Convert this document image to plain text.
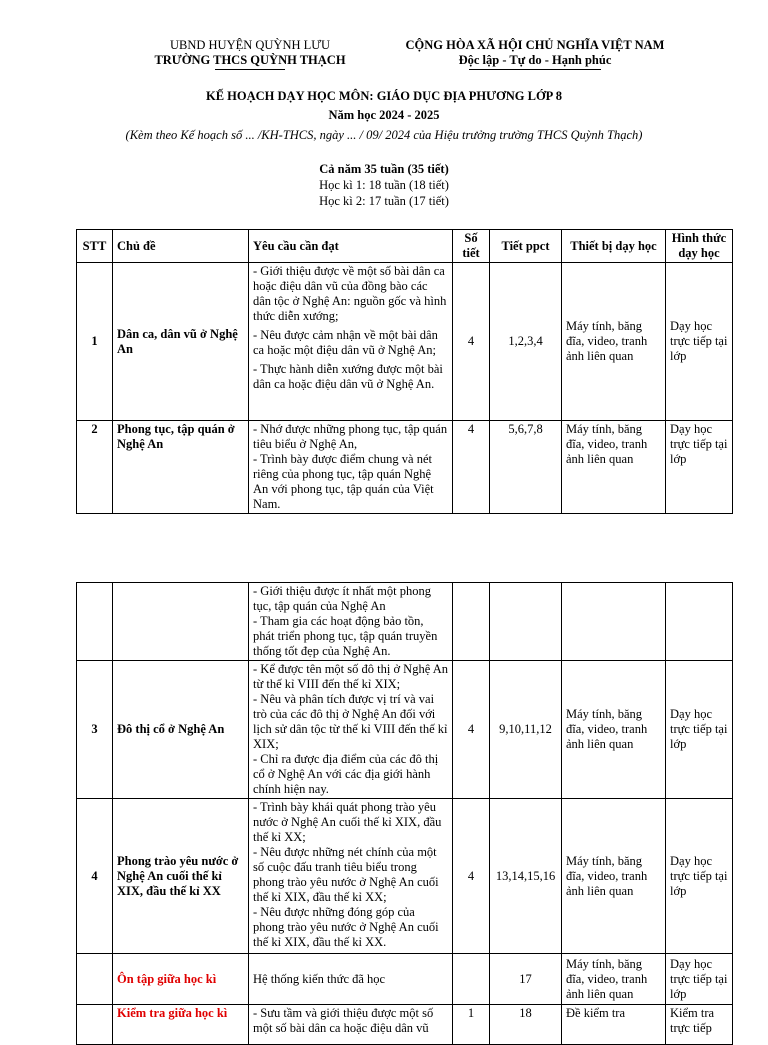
UBND HUYỆN QUỲNH LƯU
TRƯỜNG THCS QUỲNH THẠCH
CỘNG HÒA XÃ HỘI CHỦ NGHĨA VIỆT NAM
Độc lập - Tự do - Hạnh phúc
KẾ HOẠCH DẠY HỌC MÔN: GIÁO DỤC ĐỊA PHƯƠNG LỚP 8
Năm học 2024 - 2025
(Kèm theo Kế hoạch số ... /KH-THCS, ngày ... / 09/ 2024 của Hiệu trưởng trường THCS Quỳnh Thạch)
Cả năm 35 tuần (35 tiết)
Học kì 1: 18 tuần (18 tiết)
Học kì 2: 17 tuần (17 tiết)
STT	Chủ đề	Yêu cầu cần đạt	Số tiết	Tiết ppct	Thiết bị dạy học	Hình thức dạy học
1	Dân ca, dân vũ ở Nghệ An	- Giới thiệu được về một số bài dân ca hoặc điệu dân vũ của đồng bào các dân tộc ở Nghệ An: nguồn gốc và hình thức diễn xướng;

- Nêu được cảm nhận về một bài dân ca hoặc một điệu dân vũ ở Nghệ An;

- Thực hành diễn xướng được một bài dân ca hoặc điệu dân vũ ở Nghệ An.	4	1,2,3,4	Máy tính, băng đĩa, video, tranh ảnh liên quan	Dạy học trực tiếp tại lớp
2	Phong tục, tập quán ở Nghệ An	- Nhớ được những phong tục, tập quán tiêu biểu ở Nghệ An,
- Trình bày được điểm chung và nét riêng của phong tục, tập quán Nghệ An với phong tục, tập quán của Việt Nam.	4	5,6,7,8	Máy tính, băng đĩa, video, tranh ảnh liên quan	Dạy học trực tiếp tại lớp

		- Giới thiệu được ít nhất một phong tục, tập quán của Nghệ An
- Tham gia các hoạt động bảo tồn, phát triển phong tục, tập quán truyền thống tốt đẹp của Nghệ An.				

3	Đô thị cổ ở Nghệ An	- Kể được tên một số đô thị ở Nghệ An từ thế kỉ VIII đến thế kỉ XIX;
- Nêu và phân tích được vị trí và vai trò của các đô thị ở Nghệ An đối với lịch sử dân tộc từ thế kỉ VIII đến thế kỉ XIX;
- Chỉ ra được địa điểm của các đô thị cổ ở Nghệ An với các địa giới hành chính hiện nay.	4	9,10,11,12	Máy tính, băng đĩa, video, tranh ảnh liên quan	Dạy học trực tiếp tại lớp
4	Phong trào yêu nước ở Nghệ An cuối thế kỉ XIX, đầu thế kỉ XX	- Trình bày khái quát phong trào yêu nước ở Nghệ An cuối thế kỉ XIX, đầu thế kỉ XX;
- Nêu được những nét chính của một số cuộc đấu tranh tiêu biểu trong phong trào yêu nước ở Nghệ An cuối thế kỉ XIX, đầu thế kỉ XX;
- Nêu được những đóng góp của phong trào yêu nước ở Nghệ An cuối thế kỉ XIX, đầu thế kỉ XX.	4	13,14,15,16	Máy tính, băng đĩa, video, tranh ảnh liên quan	Dạy học trực tiếp tại lớp
	Ôn tập giữa học kì	Hệ thống kiến thức đã học		17	Máy tính, băng đĩa, video, tranh ảnh liên quan	Dạy học trực tiếp tại lớp
	Kiểm tra giữa học kì	- Sưu tầm và giới thiệu được một số một số bài dân ca hoặc điệu dân vũ	1	18	Đề kiểm tra	Kiểm tra trực tiếp
